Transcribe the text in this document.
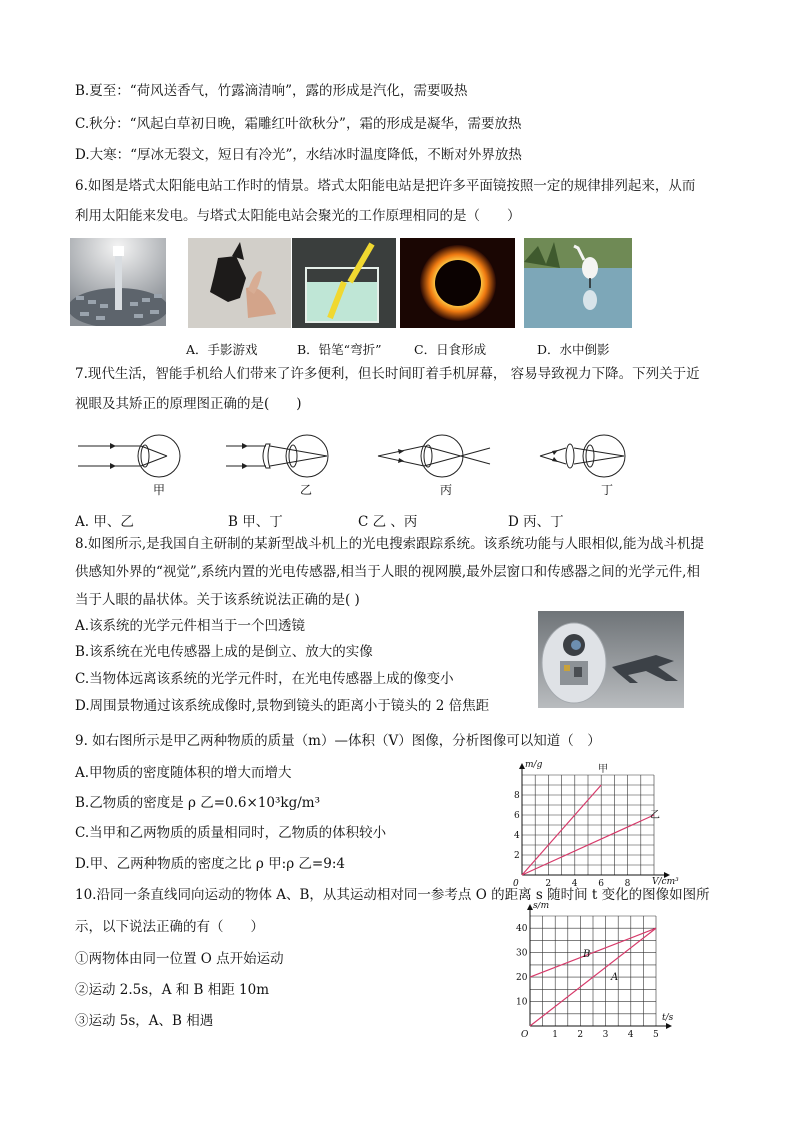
B.夏至：“荷风送香气，竹露滴清响”，露的形成是汽化，需要吸热
C.秋分：“风起白草初日晚，霜雕红叶欲秋分”，霜的形成是凝华，需要放热
D.大寒：“厚冰无裂文，短日有冷光”，水结冰时温度降低，不断对外界放热
6.如图是塔式太阳能电站工作时的情景。塔式太阳能电站是把许多平面镜按照一定的规律排列起来，从而
利用太阳能来发电。与塔式太阳能电站会聚光的工作原理相同的是（　　）
A．手影游戏	B．铅笔“弯折”	C．日食形成	D．水中倒影
7.现代生活，智能手机给人们带来了许多便利，但长时间盯着手机屏幕， 容易导致视力下降。下列关于近
视眼及其矫正的原理图正确的是(　　)
甲	乙	丙	丁
A. 甲、乙	B 甲、丁	C 乙 、丙	D 丙、丁
8.如图所示,是我国自主研制的某新型战斗机上的光电搜索跟踪系统。该系统功能与人眼相似,能为战斗机提
供感知外界的“视觉”,系统内置的光电传感器,相当于人眼的视网膜,最外层窗口和传感器之间的光学元件,相
当于人眼的晶状体。关于该系统说法正确的是( )
A.该系统的光学元件相当于一个凹透镜
B.该系统在光电传感器上成的是倒立、放大的实像
C.当物体远离该系统的光学元件时，在光电传感器上成的像变小
D.周围景物通过该系统成像时,景物到镜头的距离小于镜头的 2 倍焦距
9. 如右图所示是甲乙两种物质的质量（m）—体积（V）图像，分析图像可以知道（　）
A.甲物质的密度随体积的增大而增大
B.乙物质的密度是 ρ 乙=0.6×10³kg/m³
C.当甲和乙两物质的质量相同时，乙物质的体积较小
D.甲、乙两种物质的密度之比 ρ 甲:ρ 乙=9:4
2 4 6 8
2
4
6
8
0
m/g
V/cm³
甲
乙
10.沿同一条直线同向运动的物体 A、B，从其运动相对同一参考点 O 的距离 s 随时间 t 变化的图像如图所
示，以下说法正确的有（　　）
①两物体由同一位置 O 点开始运动
②运动 2.5s，A 和 B 相距 10m
③运动 5s，A、B 相遇
1 2 3 4 5
10
20
30
40
O
s/m
t/s
B
A
